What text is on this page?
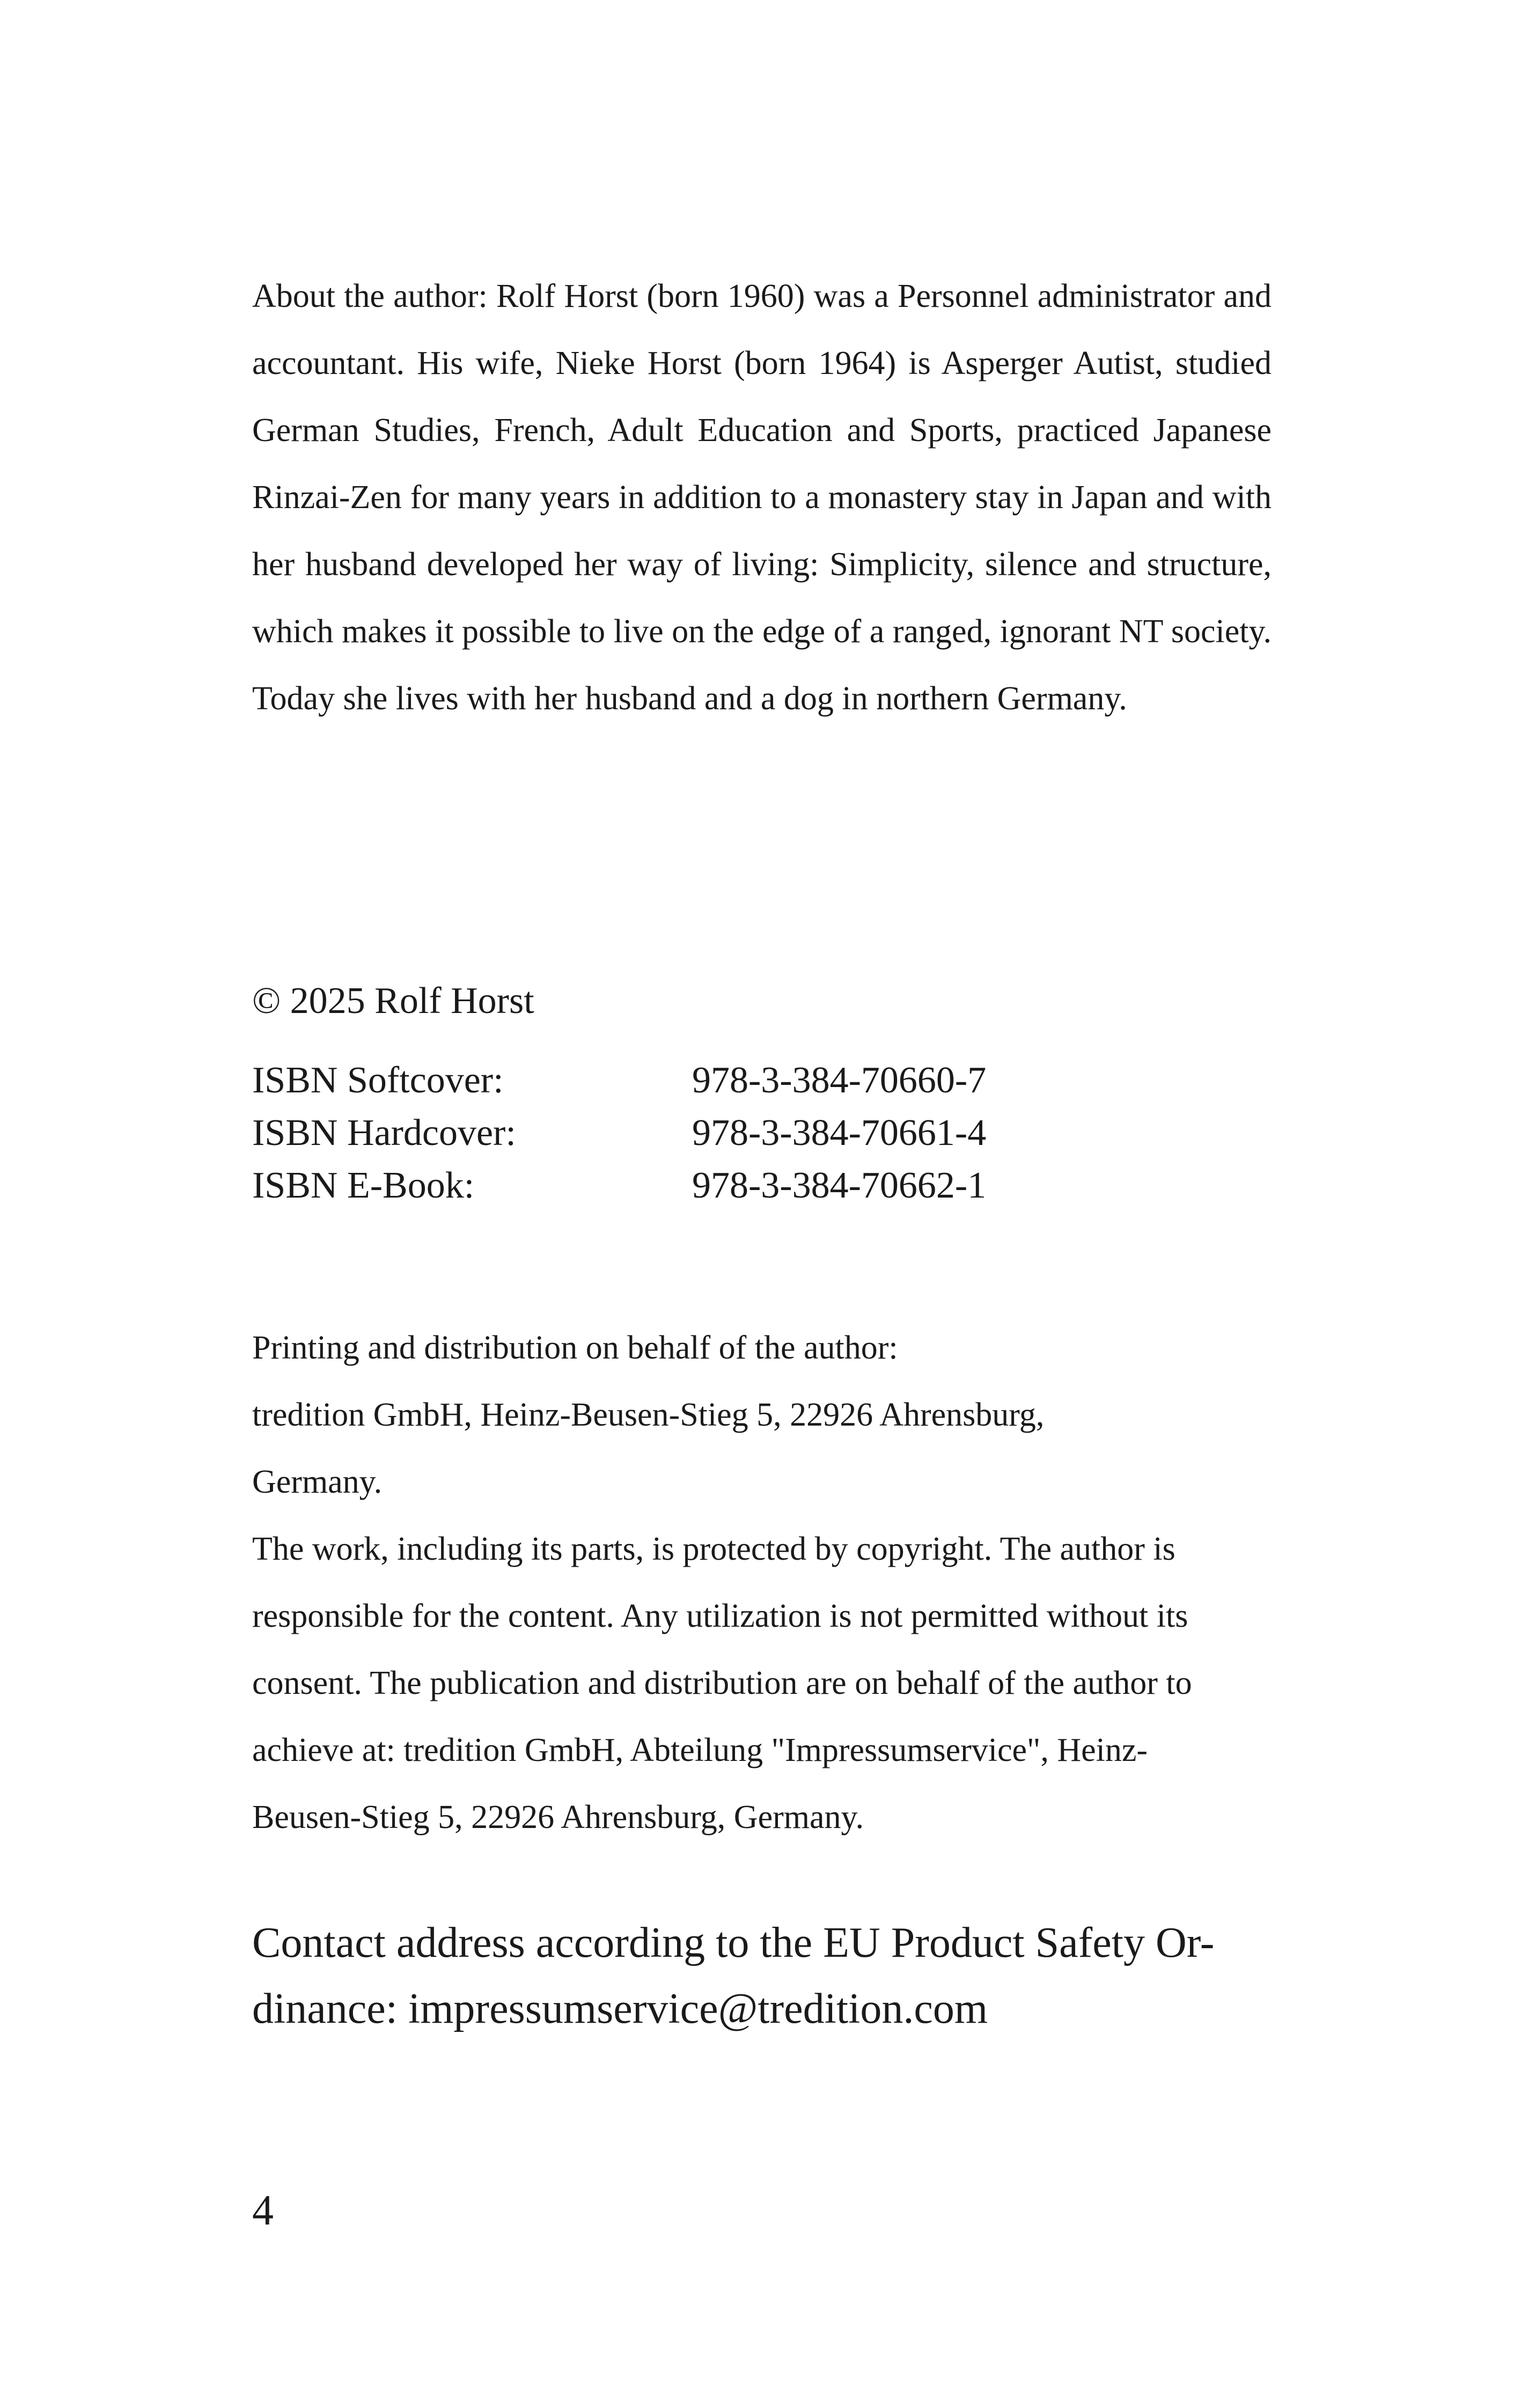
About the author: Rolf Horst (born 1960) was a Personnel administrator and accountant. His wife, Nieke Horst (born 1964) is Asperger Autist, studied German Studies, French, Adult Education and Sports, practiced Japanese Rinzai-Zen for many years in addition to a monastery stay in Japan and with her husband developed her way of living: Simplicity, silence and structure, which makes it possible to live on the edge of a ranged, ignorant NT society. Today she lives with her husband and a dog in northern Germany.

© 2025 Rolf Horst

ISBN Softcover:	978-3-384-70660-7
ISBN Hardcover:	978-3-384-70661-4
ISBN E-Book:	978-3-384-70662-1
Printing and distribution on behalf of the author:
tredition GmbH, Heinz-Beusen-Stieg 5, 22926 Ahrensburg,
Germany.
The work, including its parts, is protected by copyright. The author is
responsible for the content. Any utilization is not permitted without its
consent. The publication and distribution are on behalf of the author to
achieve at: tredition GmbH, Abteilung "Impressumservice", Heinz-
Beusen-Stieg 5, 22926 Ahrensburg, Germany.
Contact address according to the EU Product Safety Or-
dinance: impressumservice@tredition.com

4
